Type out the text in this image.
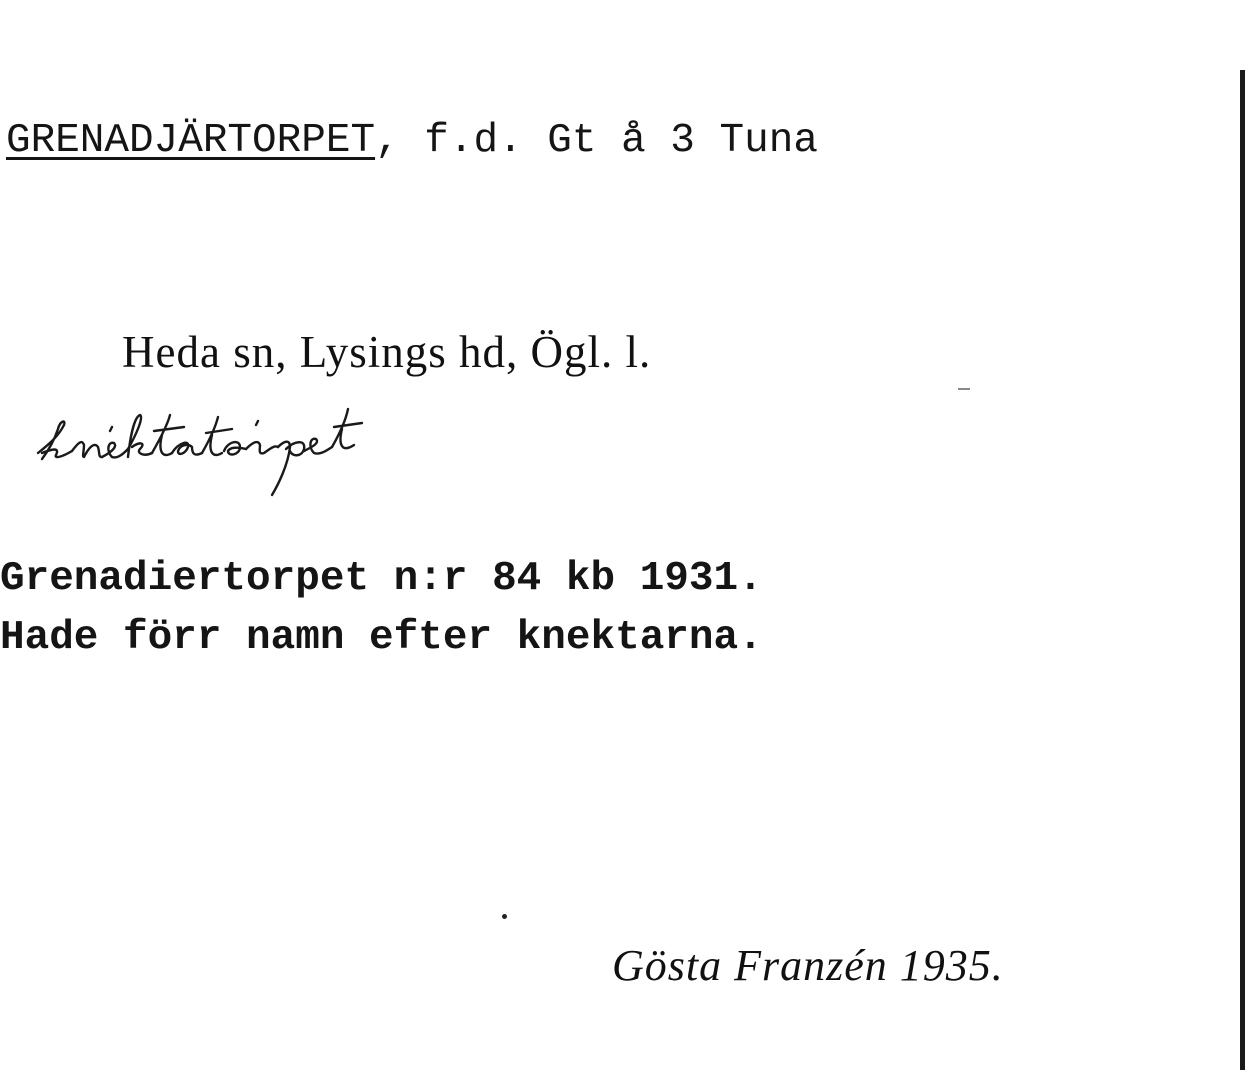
GRENADJÄRTORPET, f.d. Gt å 3 Tuna
Heda sn, Lysings hd, Ögl. l.
Grenadiertorpet n:r 84 kb 1931.
Hade förr namn efter knektarna.
Gösta Franzén 1935.
